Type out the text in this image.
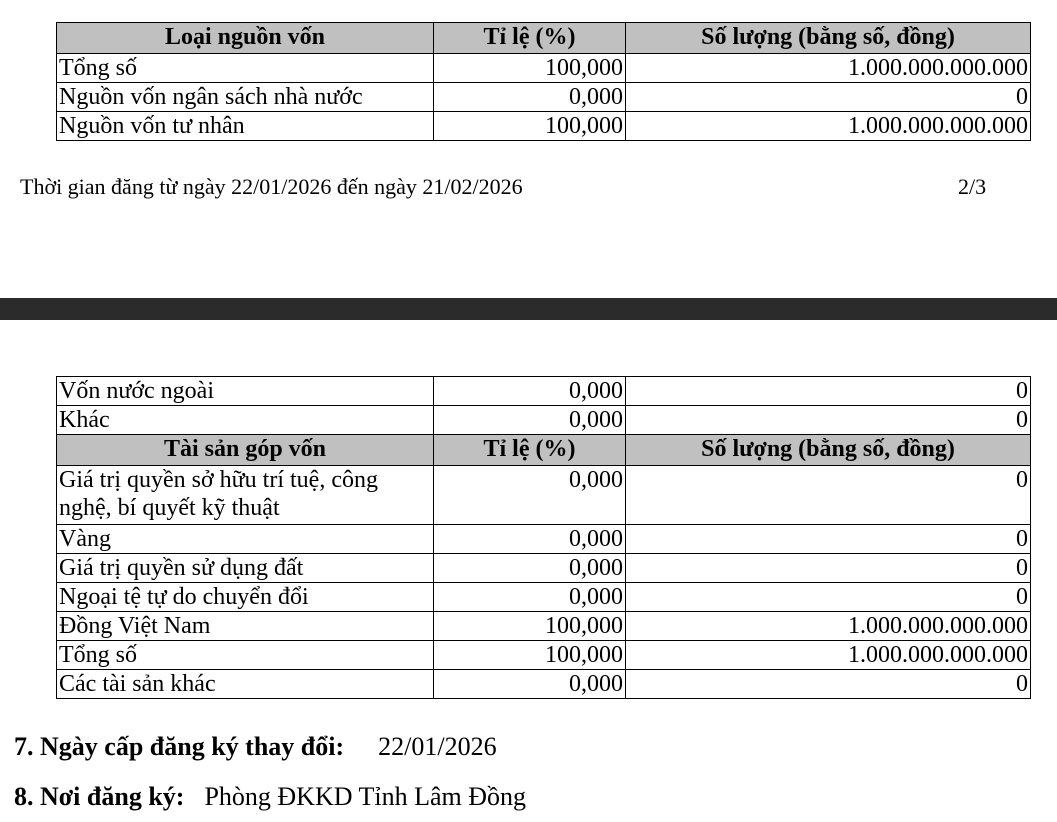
Loại nguồn vốn	Tỉ lệ (%)	Số lượng (bằng số, đồng)
Tổng số	100,000	1.000.000.000.000
Nguồn vốn ngân sách nhà nước	0,000	0
Nguồn vốn tư nhân	100,000	1.000.000.000.000
Thời gian đăng từ ngày 22/01/2026 đến ngày 21/02/2026	2/3
Vốn nước ngoài	0,000	0
Khác	0,000	0
Tài sản góp vốn	Tỉ lệ (%)	Số lượng (bằng số, đồng)
Giá trị quyền sở hữu trí tuệ, công nghệ, bí quyết kỹ thuật	0,000	0
Vàng	0,000	0
Giá trị quyền sử dụng đất	0,000	0
Ngoại tệ tự do chuyển đổi	0,000	0
Đồng Việt Nam	100,000	1.000.000.000.000
Tổng số	100,000	1.000.000.000.000
Các tài sản khác	0,000	0
7. Ngày cấp đăng ký thay đổi: 22/01/2026
8. Nơi đăng ký: Phòng ĐKKD Tỉnh Lâm Đồng
